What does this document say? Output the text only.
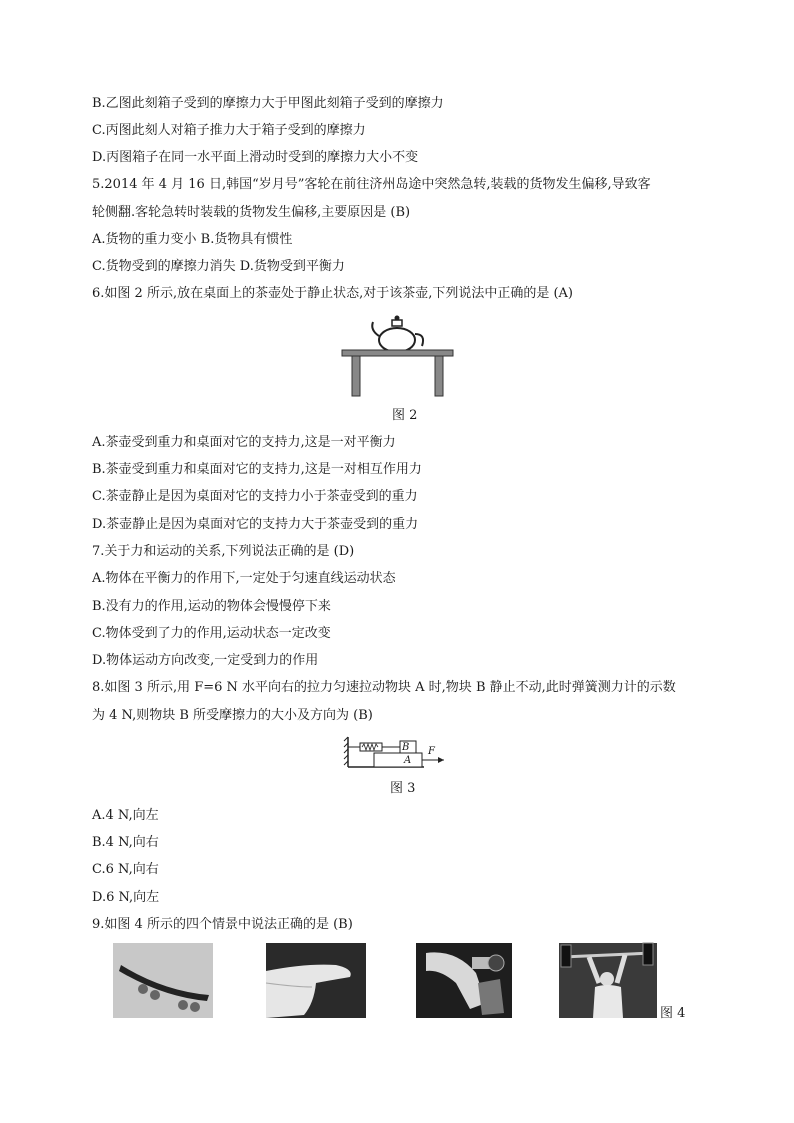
B.乙图此刻箱子受到的摩擦力大于甲图此刻箱子受到的摩擦力
C.丙图此刻人对箱子推力大于箱子受到的摩擦力
D.丙图箱子在同一水平面上滑动时受到的摩擦力大小不变
5.2014 年 4 月 16 日,韩国“岁月号”客轮在前往济州岛途中突然急转,装载的货物发生偏移,导致客
轮侧翻.客轮急转时装载的货物发生偏移,主要原因是 (B)
A.货物的重力变小 B.货物具有惯性
C.货物受到的摩擦力消失 D.货物受到平衡力
6.如图 2 所示,放在桌面上的茶壶处于静止状态,对于该茶壶,下列说法中正确的是 (A)
图 2
A.茶壶受到重力和桌面对它的支持力,这是一对平衡力
B.茶壶受到重力和桌面对它的支持力,这是一对相互作用力
C.茶壶静止是因为桌面对它的支持力小于茶壶受到的重力
D.茶壶静止是因为桌面对它的支持力大于茶壶受到的重力
7.关于力和运动的关系,下列说法正确的是 (D)
A.物体在平衡力的作用下,一定处于匀速直线运动状态
B.没有力的作用,运动的物体会慢慢停下来
C.物体受到了力的作用,运动状态一定改变
D.物体运动方向改变,一定受到力的作用
8.如图 3 所示,用 F=6 N 水平向右的拉力匀速拉动物块 A 时,物块 B 静止不动,此时弹簧测力计的示数
为 4 N,则物块 B 所受摩擦力的大小及方向为 (B)
B
A
F
图 3
A.4 N,向左
B.4 N,向右
C.6 N,向右
D.6 N,向左
9.如图 4 所示的四个情景中说法正确的是 (B)
图 4
